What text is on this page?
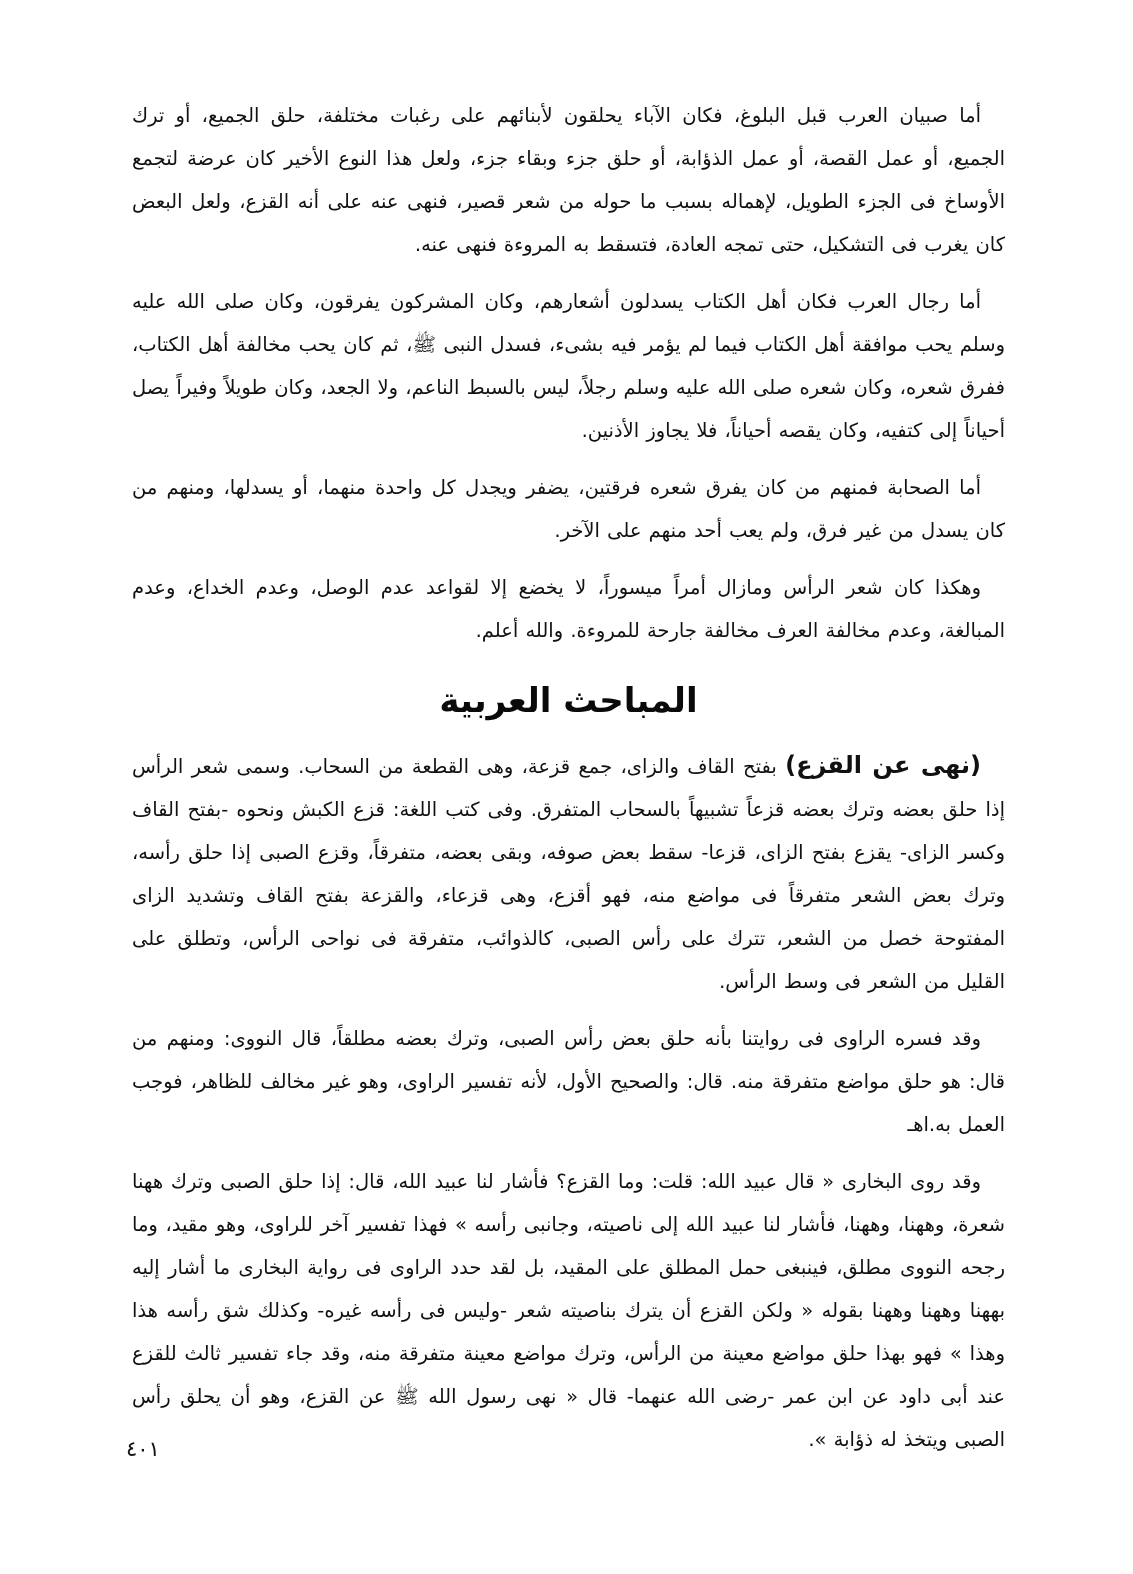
أما صبيان العرب قبل البلوغ، فكان الآباء يحلقون لأبنائهم على رغبات مختلفة، حلق الجميع، أو ترك الجميع، أو عمل القصة، أو عمل الذؤابة، أو حلق جزء وبقاء جزء، ولعل هذا النوع الأخير كان عرضة لتجمع الأوساخ فى الجزء الطويل، لإهماله بسبب ما حوله من شعر قصير، فنهى عنه على أنه القزع، ولعل البعض كان يغرب فى التشكيل، حتى تمجه العادة، فتسقط به المروءة فنهى عنه.

أما رجال العرب فكان أهل الكتاب يسدلون أشعارهم، وكان المشركون يفرقون، وكان صلى الله عليه وسلم يحب موافقة أهل الكتاب فيما لم يؤمر فيه بشىء، فسدل النبى ﷺ، ثم كان يحب مخالفة أهل الكتاب، ففرق شعره، وكان شعره صلى الله عليه وسلم رجلاً، ليس بالسبط الناعم، ولا الجعد، وكان طويلاً وفيراً يصل أحياناً إلى كتفيه، وكان يقصه أحياناً، فلا يجاوز الأذنين.

أما الصحابة فمنهم من كان يفرق شعره فرقتين، يضفر ويجدل كل واحدة منهما، أو يسدلها، ومنهم من كان يسدل من غير فرق، ولم يعب أحد منهم على الآخر.

وهكذا كان شعر الرأس ومازال أمراً ميسوراً، لا يخضع إلا لقواعد عدم الوصل، وعدم الخداع، وعدم المبالغة، وعدم مخالفة العرف مخالفة جارحة للمروءة. والله أعلم.

المباحث العربية

(نهى عن القزع) بفتح القاف والزاى، جمع قزعة، وهى القطعة من السحاب. وسمى شعر الرأس إذا حلق بعضه وترك بعضه قزعاً تشبيهاً بالسحاب المتفرق. وفى كتب اللغة: قزع الكبش ونحوه -بفتح القاف وكسر الزاى- يقزع بفتح الزاى، قزعا- سقط بعض صوفه، وبقى بعضه، متفرقاً، وقزع الصبى إذا حلق رأسه، وترك بعض الشعر متفرقاً فى مواضع منه، فهو أقزع، وهى قزعاء، والقزعة بفتح القاف وتشديد الزاى المفتوحة خصل من الشعر، تترك على رأس الصبى، كالذوائب، متفرقة فى نواحى الرأس، وتطلق على القليل من الشعر فى وسط الرأس.

وقد فسره الراوى فى روايتنا بأنه حلق بعض رأس الصبى، وترك بعضه مطلقاً، قال النووى: ومنهم من قال: هو حلق مواضع متفرقة منه. قال: والصحيح الأول، لأنه تفسير الراوى، وهو غير مخالف للظاهر، فوجب العمل به.اهـ

وقد روى البخارى « قال عبيد الله: قلت: وما القزع؟ فأشار لنا عبيد الله، قال: إذا حلق الصبى وترك ههنا شعرة، وههنا، وههنا، فأشار لنا عبيد الله إلى ناصيته، وجانبى رأسه » فهذا تفسير آخر للراوى، وهو مقيد، وما رجحه النووى مطلق، فينبغى حمل المطلق على المقيد، بل لقد حدد الراوى فى رواية البخارى ما أشار إليه بههنا وههنا وههنا بقوله « ولكن القزع أن يترك بناصيته شعر -وليس فى رأسه غيره- وكذلك شق رأسه هذا وهذا » فهو بهذا حلق مواضع معينة من الرأس، وترك مواضع معينة متفرقة منه، وقد جاء تفسير ثالث للقزع عند أبى داود عن ابن عمر -رضى الله عنهما- قال « نهى رسول الله ﷺ عن القزع، وهو أن يحلق رأس الصبى ويتخذ له ذؤابة ».

٤٠١
